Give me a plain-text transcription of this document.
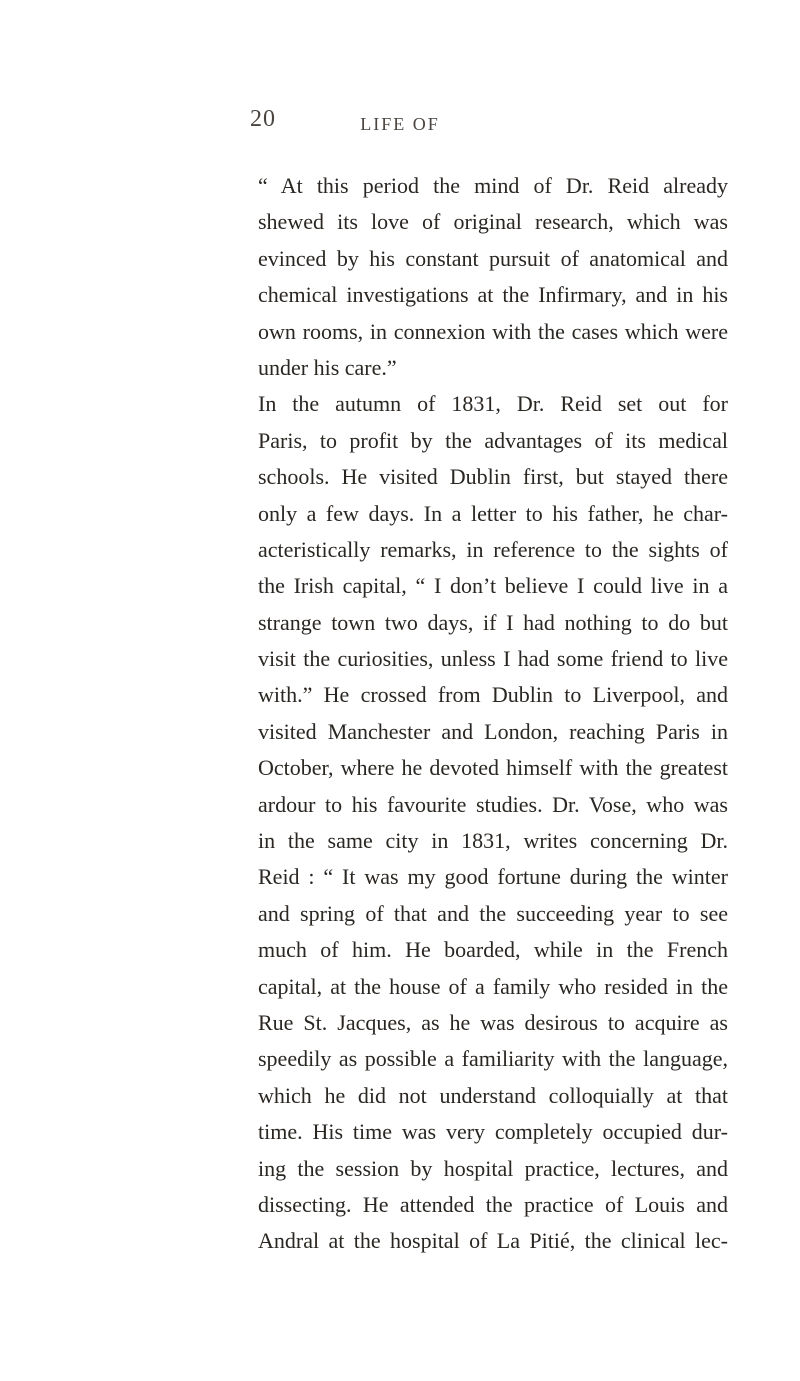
20	LIFE OF
“ At this period the mind of Dr. Reid already
shewed its love of original research, which was
evinced by his constant pursuit of anatomical and
chemical investigations at the Infirmary, and in his
own rooms, in connexion with the cases which were
under his care.”
In the autumn of 1831, Dr. Reid set out for
Paris, to profit by the advantages of its medical
schools. He visited Dublin first, but stayed there
only a few days. In a letter to his father, he char-
acteristically remarks, in reference to the sights of
the Irish capital, “ I don’t believe I could live in a
strange town two days, if I had nothing to do but
visit the curiosities, unless I had some friend to live
with.” He crossed from Dublin to Liverpool, and
visited Manchester and London, reaching Paris in
October, where he devoted himself with the greatest
ardour to his favourite studies. Dr. Vose, who was
in the same city in 1831, writes concerning Dr.
Reid : “ It was my good fortune during the winter
and spring of that and the succeeding year to see
much of him. He boarded, while in the French
capital, at the house of a family who resided in the
Rue St. Jacques, as he was desirous to acquire as
speedily as possible a familiarity with the language,
which he did not understand colloquially at that
time. His time was very completely occupied dur-
ing the session by hospital practice, lectures, and
dissecting. He attended the practice of Louis and
Andral at the hospital of La Pitié, the clinical lec-
